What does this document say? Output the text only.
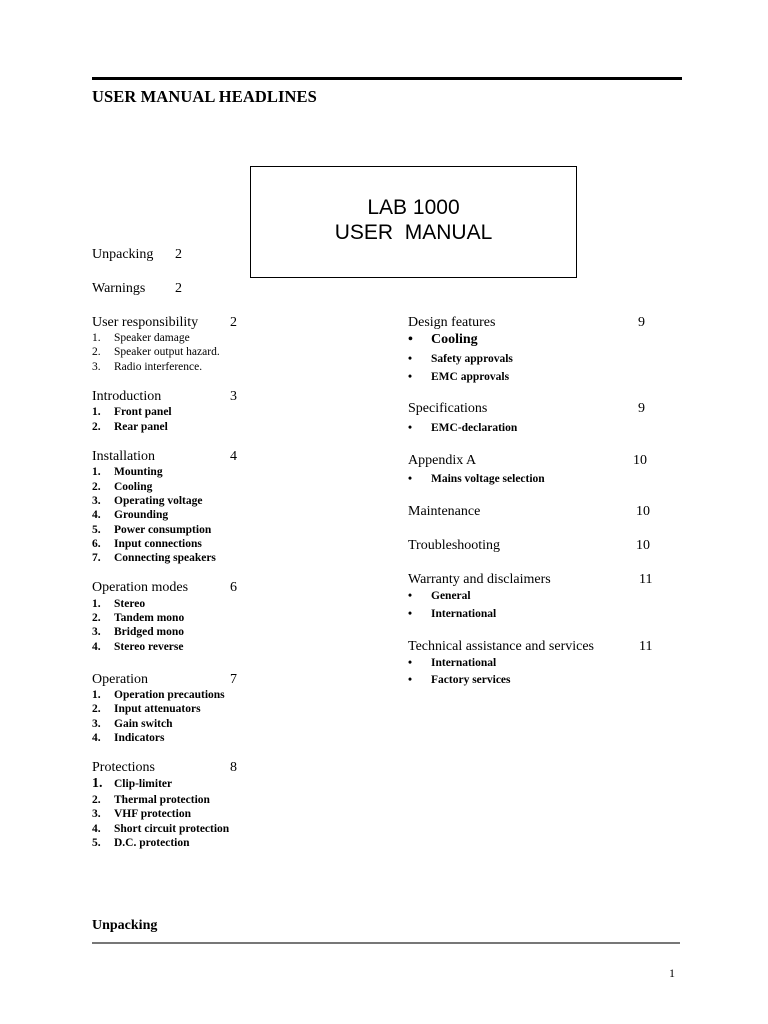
USER MANUAL HEADLINES
LAB 1000
USER  MANUAL
Unpacking 2
Warnings 2
User responsibility 2
1. Speaker damage
2. Speaker output hazard.
3. Radio interference.
Introduction	3
1. Front panel
2. Rear panel
Installation	4
1. Mounting
2. Cooling
3. Operating voltage
4. Grounding
5. Power consumption
6. Input connections
7. Connecting speakers
Operation modes	6
1. Stereo
2. Tandem mono
3. Bridged mono
4. Stereo reverse
Operation	7
1. Operation precautions
2. Input attenuators
3. Gain switch
4. Indicators
Protections	8
1. Clip-limiter
2. Thermal protection
3. VHF protection
4. Short circuit protection
5. D.C. protection
Design features	9
• Cooling
• Safety approvals
• EMC approvals
Specifications	9
• EMC-declaration
Appendix A	10
• Mains voltage selection
Maintenance	10
Troubleshooting	10
Warranty and disclaimers	11
• General
• International
Technical assistance and services	11
• International
• Factory services
Unpacking
1
